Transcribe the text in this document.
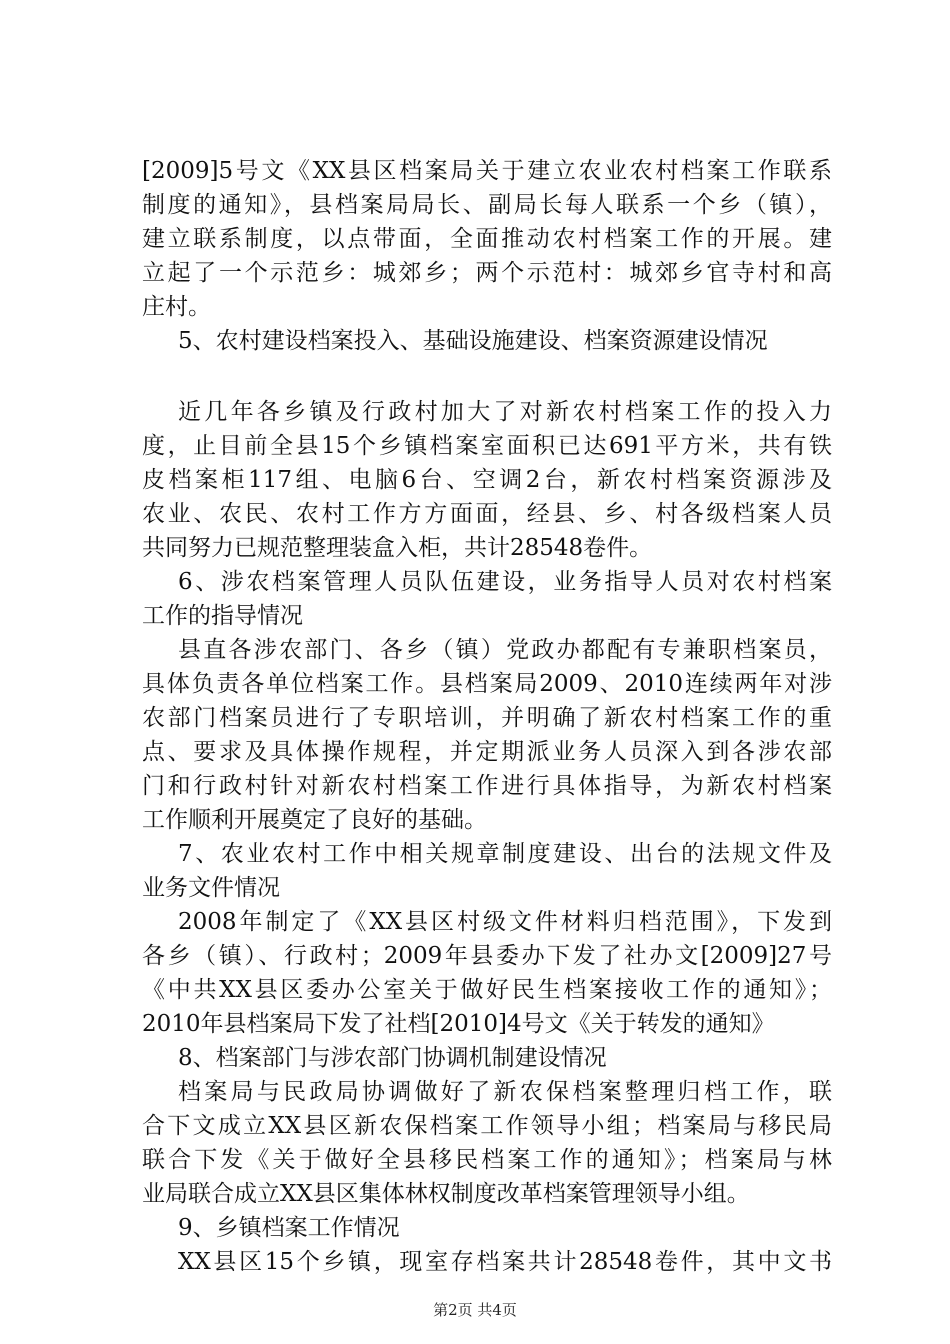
[2009]5号文《XX县区档案局关于建立农业农村档案工作联系
制度的通知》，县档案局局长、副局长每人联系一个乡（镇），
建立联系制度，以点带面，全面推动农村档案工作的开展。建
立起了一个示范乡：城郊乡；两个示范村：城郊乡官寺村和高
庄村。
5、农村建设档案投入、基础设施建设、档案资源建设情况
近几年各乡镇及行政村加大了对新农村档案工作的投入力
度，止目前全县15个乡镇档案室面积已达691平方米，共有铁
皮档案柜117组、电脑6台、空调2台，新农村档案资源涉及
农业、农民、农村工作方方面面，经县、乡、村各级档案人员
共同努力已规范整理装盒入柜，共计28548卷件。
6、涉农档案管理人员队伍建设，业务指导人员对农村档案
工作的指导情况
县直各涉农部门、各乡（镇）党政办都配有专兼职档案员，
具体负责各单位档案工作。县档案局2009、2010连续两年对涉
农部门档案员进行了专职培训，并明确了新农村档案工作的重
点、要求及具体操作规程，并定期派业务人员深入到各涉农部
门和行政村针对新农村档案工作进行具体指导，为新农村档案
工作顺利开展奠定了良好的基础。
7、农业农村工作中相关规章制度建设、出台的法规文件及
业务文件情况
2008年制定了《XX县区村级文件材料归档范围》，下发到
各乡（镇）、行政村；2009年县委办下发了社办文[2009]27号
《中共XX县区委办公室关于做好民生档案接收工作的通知》；
2010年县档案局下发了社档[2010]4号文《关于转发的通知》
8、档案部门与涉农部门协调机制建设情况
档案局与民政局协调做好了新农保档案整理归档工作，联
合下文成立XX县区新农保档案工作领导小组；档案局与移民局
联合下发《关于做好全县移民档案工作的通知》；档案局与林
业局联合成立XX县区集体林权制度改革档案管理领导小组。
9、乡镇档案工作情况
XX县区15个乡镇，现室存档案共计28548卷件，其中文书
第2页 共4页
